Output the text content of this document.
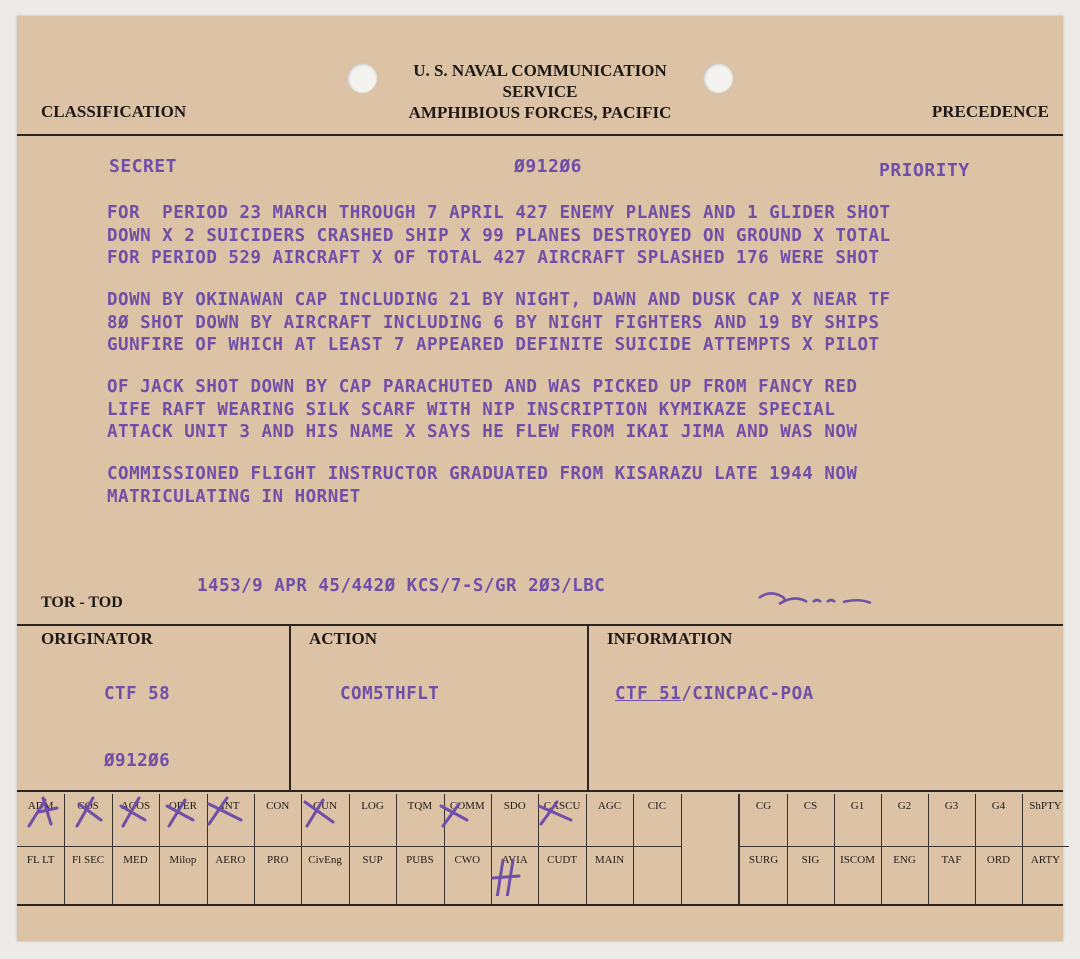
U. S. NAVAL COMMUNICATION
SERVICE
AMPHIBIOUS FORCES, PACIFIC
CLASSIFICATION	PRECEDENCE
SECRET	Ø912Ø6	PRIORITY
FOR  PERIOD 23 MARCH THROUGH 7 APRIL 427 ENEMY PLANES AND 1 GLIDER SHOT
DOWN X 2 SUICIDERS CRASHED SHIP X 99 PLANES DESTROYED ON GROUND X TOTAL
FOR PERIOD 529 AIRCRAFT X OF TOTAL 427 AIRCRAFT SPLASHED 176 WERE SHOT
DOWN BY OKINAWAN CAP INCLUDING 21 BY NIGHT, DAWN AND DUSK CAP X NEAR TF
8Ø SHOT DOWN BY AIRCRAFT INCLUDING 6 BY NIGHT FIGHTERS AND 19 BY SHIPS
GUNFIRE OF WHICH AT LEAST 7 APPEARED DEFINITE SUICIDE ATTEMPTS X PILOT
OF JACK SHOT DOWN BY CAP PARACHUTED AND WAS PICKED UP FROM FANCY RED
LIFE RAFT WEARING SILK SCARF WITH NIP INSCRIPTION KYMIKAZE SPECIAL
ATTACK UNIT 3 AND HIS NAME X SAYS HE FLEW FROM IKAI JIMA AND WAS NOW
COMMISSIONED FLIGHT INSTRUCTOR GRADUATED FROM KISARAZU LATE 1944 NOW
MATRICULATING IN HORNET
TOR - TOD
1453/9 APR 45/442Ø KCS/7-S/GR 2Ø3/LBC
ORIGINATOR	ACTION	INFORMATION
CTF 58
Ø912Ø6
COM5THFLT	CTF 51/CINCPAC-POA
ADM	COS	ACOS	OPER	INT	CON	GUN	LOG	TQM	COMM	SDO	CASCU	AGC	CIC
FL LT	Fl SEC	MED	Milop	AERO	PRO	CivEng	SUP	PUBS	CWO	AVIA	CUDT	MAIN
CG	CS	G1	G2	G3	G4	ShPTY
SURG	SIG	ISCOM	ENG	TAF	ORD	ARTY
